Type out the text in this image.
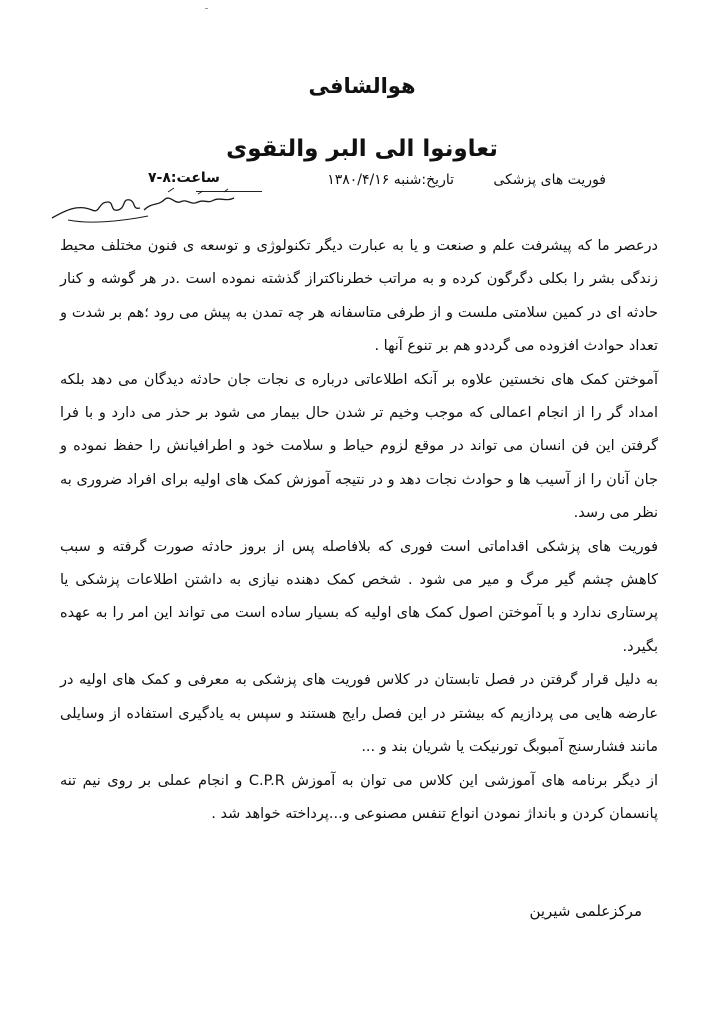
هوالشافی
تعاونوا الی البر والتقوی
فوریت های پزشکی
تاریخ:شنبه ۱۳۸۰/۴/۱۶
ساعت:۸-۷

درعصر ما که پیشرفت علم و صنعت و یا به عبارت دیگر تکنولوژی و توسعه ی فنون مختلف محیط زندگی بشر را بکلی دگرگون کرده و به مراتب خطرناکتراز گذشته نموده است .در هر گوشه و کنار حادثه ای در کمین سلامتی ملست و از طرفی متاسفانه هر چه تمدن به پیش می رود ؛هم بر شدت و تعداد حوادث افزوده می گرددو هم بر تنوع آنها .

آموختن کمک های نخستین علاوه بر آنکه اطلاعاتی درباره ی نجات جان حادثه دیدگان می دهد بلکه امداد گر را از انجام اعمالی که موجب وخیم تر شدن حال بیمار می شود بر حذر می دارد و با فرا گرفتن این فن انسان می تواند در موقع لزوم حیاط و سلامت خود و اطرافیانش را حفظ نموده و جان آنان را از آسیب ها و حوادث نجات دهد و در نتیجه آموزش کمک های اولیه برای افراد ضروری به نظر می رسد.

فوریت های پزشکی اقداماتی است فوری که بلافاصله پس از بروز حادثه صورت گرفته و سبب کاهش چشم گیر مرگ و میر می شود . شخص کمک دهنده نیازی به داشتن اطلاعات پزشکی یا پرستاری ندارد و با آموختن اصول کمک های اولیه که بسیار ساده است می تواند این امر را به عهده بگیرد.

به دلیل قرار گرفتن در فصل تابستان در کلاس فوریت های پزشکی به معرفی و کمک های اولیه در عارضه هایی می پردازیم که بیشتر در این فصل رایج هستند و سپس به یادگیری استفاده از وسایلی مانند فشارسنج آمبوبگ تورنیکت یا شریان بند و ...

از دیگر برنامه های آموزشی این کلاس می توان به آموزش C.P.R و انجام عملی بر روی نیم تنه پانسمان کردن و بانداژ نمودن انواع تنفس مصنوعی و...پرداخته خواهد شد .

مرکزعلمی شیرین
